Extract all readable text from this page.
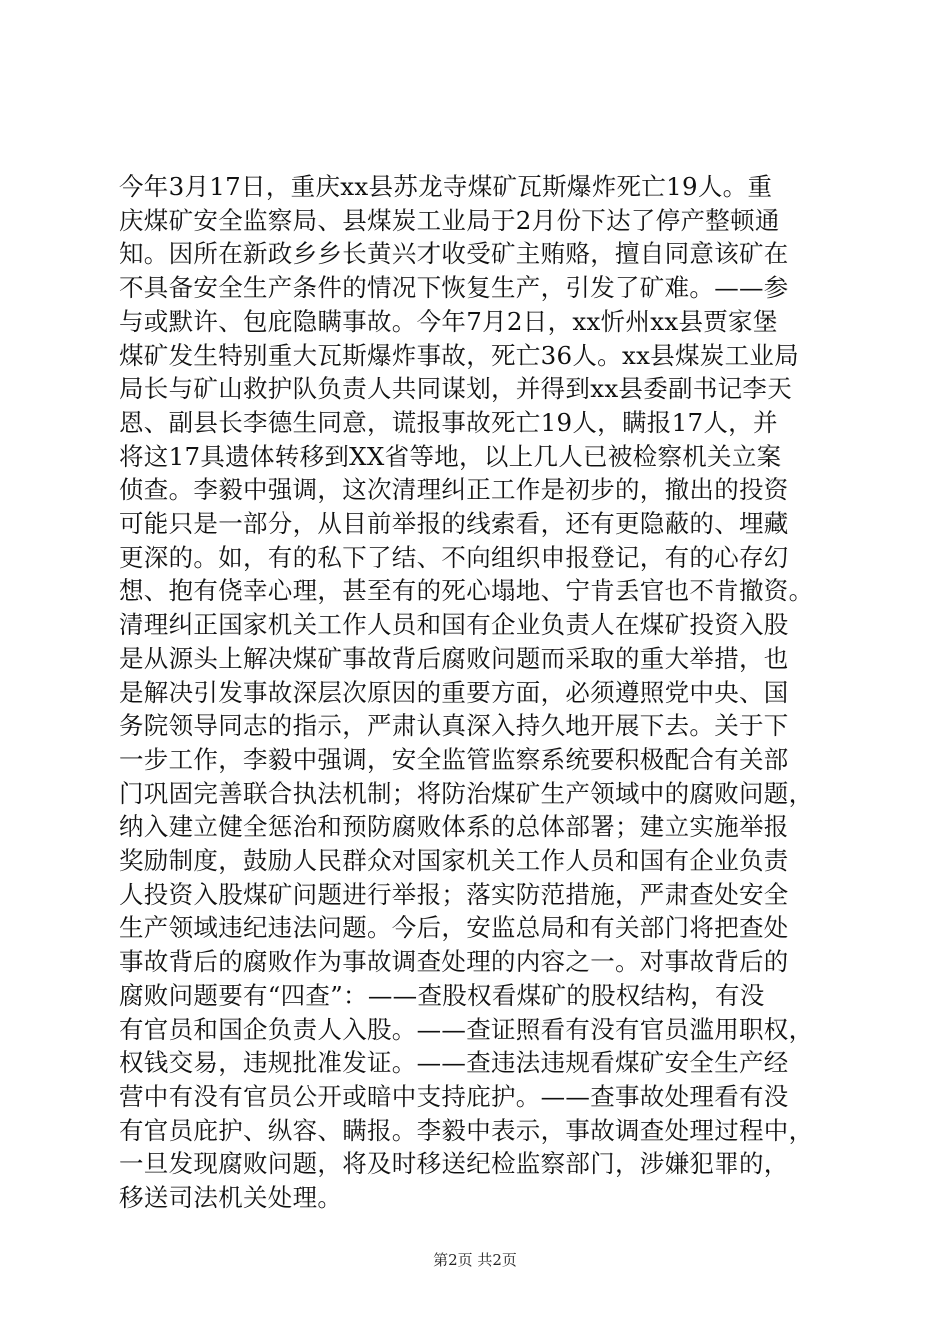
今年3月17日，重庆xx县苏龙寺煤矿瓦斯爆炸死亡19人。重
庆煤矿安全监察局、县煤炭工业局于2月份下达了停产整顿通
知。因所在新政乡乡长黄兴才收受矿主贿赂，擅自同意该矿在
不具备安全生产条件的情况下恢复生产，引发了矿难。——参
与或默许、包庇隐瞒事故。今年7月2日，xx忻州xx县贾家堡
煤矿发生特别重大瓦斯爆炸事故，死亡36人。xx县煤炭工业局
局长与矿山救护队负责人共同谋划，并得到xx县委副书记李天
恩、副县长李德生同意，谎报事故死亡19人，瞒报17人，并
将这17具遗体转移到XX省等地，以上几人已被检察机关立案
侦查。李毅中强调，这次清理纠正工作是初步的，撤出的投资
可能只是一部分，从目前举报的线索看，还有更隐蔽的、埋藏
更深的。如，有的私下了结、不向组织申报登记，有的心存幻
想、抱有侥幸心理，甚至有的死心塌地、宁肯丢官也不肯撤资。
清理纠正国家机关工作人员和国有企业负责人在煤矿投资入股
是从源头上解决煤矿事故背后腐败问题而采取的重大举措，也
是解决引发事故深层次原因的重要方面，必须遵照党中央、国
务院领导同志的指示，严肃认真深入持久地开展下去。关于下
一步工作，李毅中强调，安全监管监察系统要积极配合有关部
门巩固完善联合执法机制；将防治煤矿生产领域中的腐败问题，
纳入建立健全惩治和预防腐败体系的总体部署；建立实施举报
奖励制度，鼓励人民群众对国家机关工作人员和国有企业负责
人投资入股煤矿问题进行举报；落实防范措施，严肃查处安全
生产领域违纪违法问题。今后，安监总局和有关部门将把查处
事故背后的腐败作为事故调查处理的内容之一。对事故背后的
腐败问题要有“四查”：——查股权看煤矿的股权结构，有没
有官员和国企负责人入股。——查证照看有没有官员滥用职权，
权钱交易，违规批准发证。——查违法违规看煤矿安全生产经
营中有没有官员公开或暗中支持庇护。——查事故处理看有没
有官员庇护、纵容、瞒报。李毅中表示，事故调查处理过程中，
一旦发现腐败问题，将及时移送纪检监察部门，涉嫌犯罪的，
移送司法机关处理。
第2页 共2页
